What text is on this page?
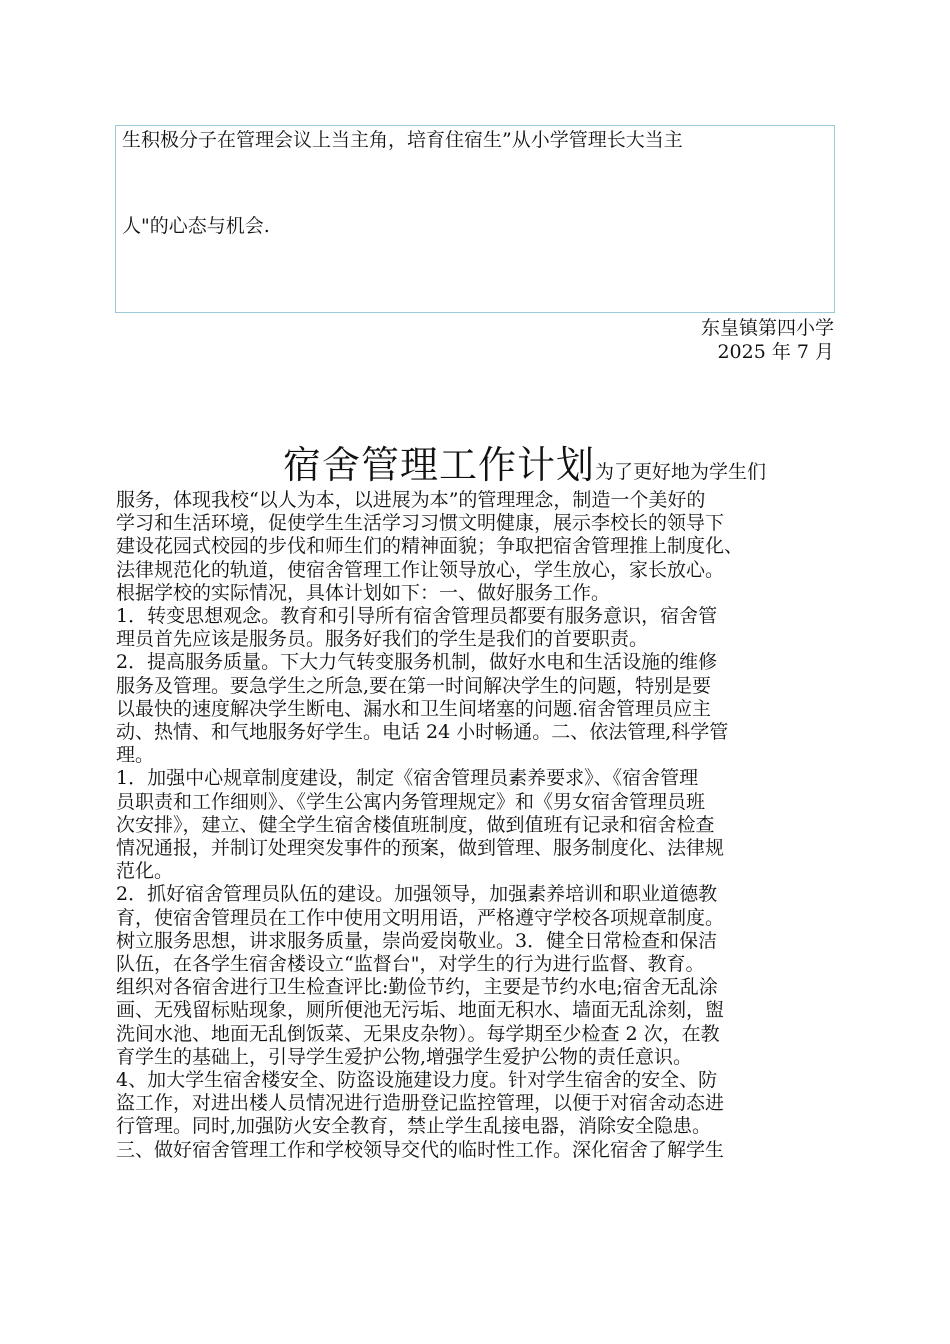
生积极分子在管理会议上当主角，培育住宿生”从小学管理长大当主

人"的心态与机会.

东皇镇第四小学
2025 年 7 月
宿舍管理工作计划为了更好地为学生们
服务，体现我校“以人为本，以进展为本”的管理理念，制造一个美好的
学习和生活环境，促使学生生活学习习惯文明健康，展示李校长的领导下
建设花园式校园的步伐和师生们的精神面貌；争取把宿舍管理推上制度化、
法律规范化的轨道，使宿舍管理工作让领导放心，学生放心，家长放心。
根据学校的实际情况，具体计划如下：一、做好服务工作。
1．转变思想观念。教育和引导所有宿舍管理员都要有服务意识，宿舍管
理员首先应该是服务员。服务好我们的学生是我们的首要职责。
2．提高服务质量。下大力气转变服务机制，做好水电和生活设施的维修
服务及管理。要急学生之所急,要在第一时间解决学生的问题，特别是要
以最快的速度解决学生断电、漏水和卫生间堵塞的问题.宿舍管理员应主
动、热情、和气地服务好学生。电话 24 小时畅通。二、依法管理,科学管
理。
1．加强中心规章制度建设，制定《宿舍管理员素养要求》、《宿舍管理
员职责和工作细则》、《学生公寓内务管理规定》和《男女宿舍管理员班
次安排》，建立、健全学生宿舍楼值班制度，做到值班有记录和宿舍检查
情况通报，并制订处理突发事件的预案，做到管理、服务制度化、法律规
范化。
2．抓好宿舍管理员队伍的建设。加强领导，加强素养培训和职业道德教
育，使宿舍管理员在工作中使用文明用语，严格遵守学校各项规章制度。
树立服务思想，讲求服务质量，崇尚爱岗敬业。3．健全日常检查和保洁
队伍，在各学生宿舍楼设立“监督台"，对学生的行为进行监督、教育。
组织对各宿舍进行卫生检查评比:勤俭节约，主要是节约水电;宿舍无乱涂
画、无残留标贴现象，厕所便池无污垢、地面无积水、墙面无乱涂刻，盥
洗间水池、地面无乱倒饭菜、无果皮杂物）。每学期至少检查 2 次，在教
育学生的基础上，引导学生爱护公物,增强学生爱护公物的责任意识。
4、加大学生宿舍楼安全、防盗设施建设力度。针对学生宿舍的安全、防
盗工作，对进出楼人员情况进行造册登记监控管理，以便于对宿舍动态进
行管理。同时,加强防火安全教育，禁止学生乱接电器，消除安全隐患。
三、做好宿舍管理工作和学校领导交代的临时性工作。深化宿舍了解学生
